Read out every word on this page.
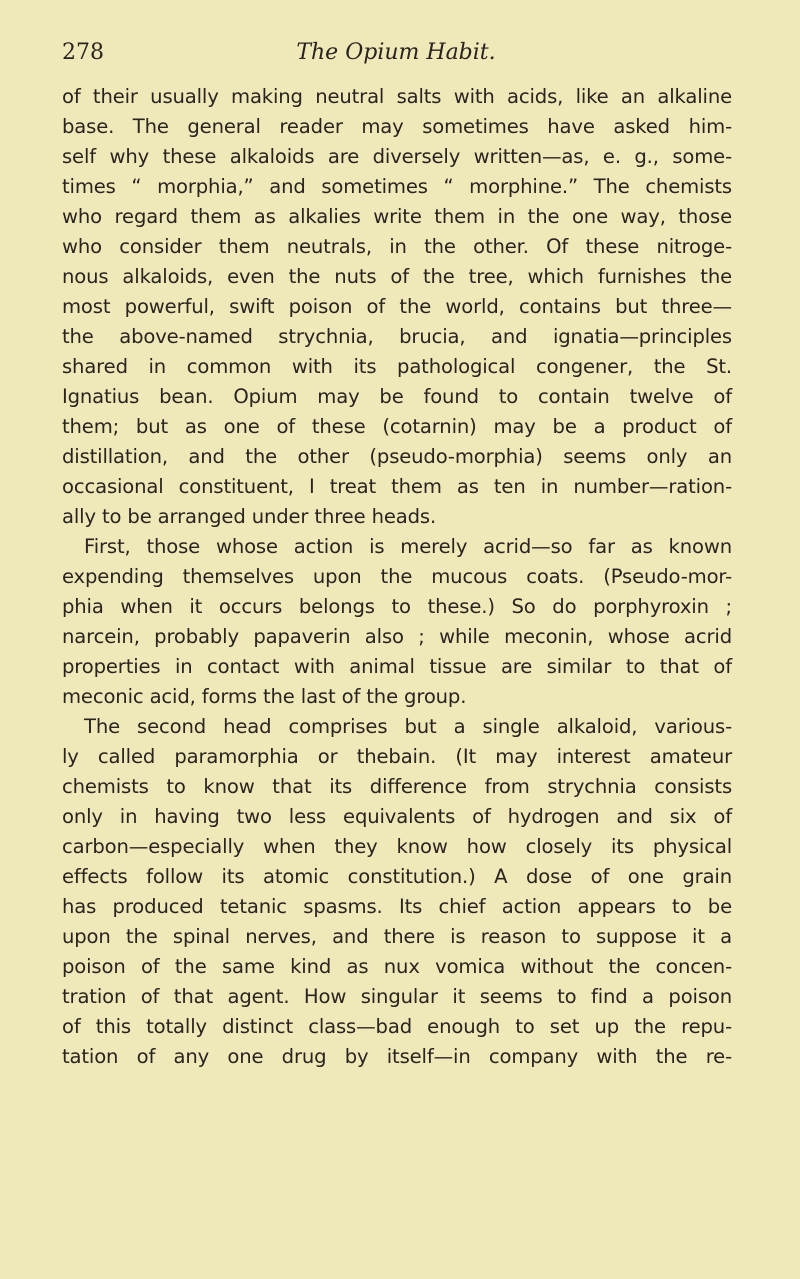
278	The Opium Habit.
of their usually making neutral salts with acids, like an alkaline
base. The general reader may sometimes have asked him-
self why these alkaloids are diversely written—as, e. g., some-
times “ morphia,” and sometimes “ morphine.” The chemists
who regard them as alkalies write them in the one way, those
who consider them neutrals, in the other. Of these nitroge-
nous alkaloids, even the nuts of the tree, which furnishes the
most powerful, swift poison of the world, contains but three—
the above-named strychnia, brucia, and ignatia—principles
shared in common with its pathological congener, the St.
Ignatius bean. Opium may be found to contain twelve of
them; but as one of these (cotarnin) may be a product of
distillation, and the other (pseudo-morphia) seems only an
occasional constituent, I treat them as ten in number—ration-
ally to be arranged under three heads.
First, those whose action is merely acrid—so far as known
expending themselves upon the mucous coats. (Pseudo-mor-
phia when it occurs belongs to these.) So do porphyroxin ;
narcein, probably papaverin also ; while meconin, whose acrid
properties in contact with animal tissue are similar to that of
meconic acid, forms the last of the group.
The second head comprises but a single alkaloid, various-
ly called paramorphia or thebain. (It may interest amateur
chemists to know that its difference from strychnia consists
only in having two less equivalents of hydrogen and six of
carbon—especially when they know how closely its physical
effects follow its atomic constitution.) A dose of one grain
has produced tetanic spasms. Its chief action appears to be
upon the spinal nerves, and there is reason to suppose it a
poison of the same kind as nux vomica without the concen-
tration of that agent. How singular it seems to find a poison
of this totally distinct class—bad enough to set up the repu-
tation of any one drug by itself—in company with the re-
